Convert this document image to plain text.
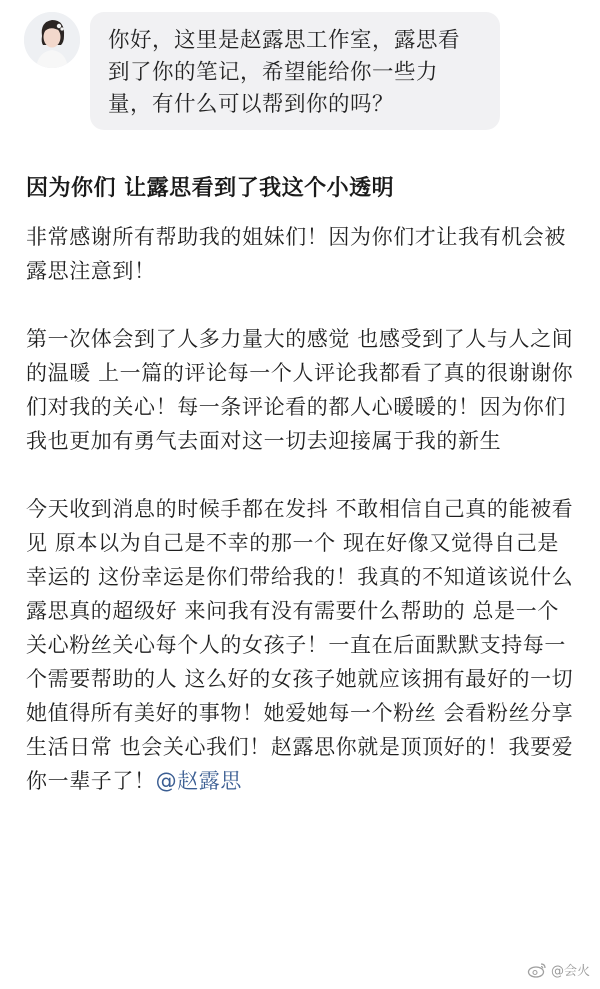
你好，这里是赵露思工作室，露思看到了你的笔记，希望能给你一些力量，有什么可以帮到你的吗？
因为你们 让露思看到了我这个小透明

非常感谢所有帮助我的姐妹们！因为你们才让我有机会被露思注意到！

第一次体会到了人多力量大的感觉 也感受到了人与人之间的温暖 上一篇的评论每一个人评论我都看了真的很谢谢你们对我的关心！每一条评论看的都人心暖暖的！因为你们我也更加有勇气去面对这一切去迎接属于我的新生

今天收到消息的时候手都在发抖 不敢相信自己真的能被看见 原本以为自己是不幸的那一个 现在好像又觉得自己是幸运的 这份幸运是你们带给我的！我真的不知道该说什么 露思真的超级好 来问我有没有需要什么帮助的 总是一个关心粉丝关心每个人的女孩子！一直在后面默默支持每一个需要帮助的人 这么好的女孩子她就应该拥有最好的一切 她值得所有美好的事物！她爱她每一个粉丝 会看粉丝分享生活日常 也会关心我们！赵露思你就是顶顶好的！我要爱你一辈子了！@赵露思

@会火
